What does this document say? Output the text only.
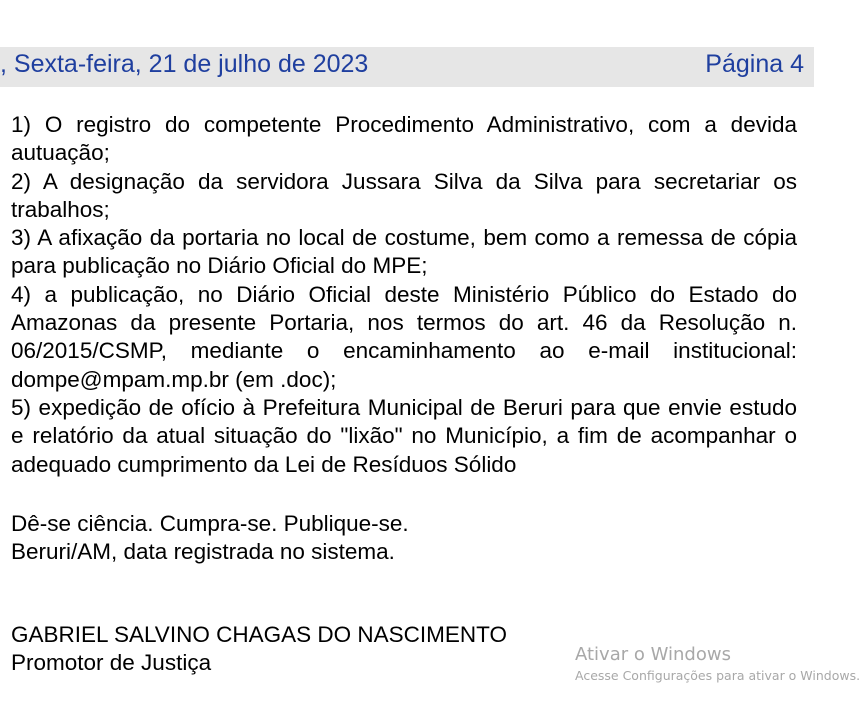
, Sexta-feira, 21 de julho de 2023	Página 4

1) O registro do competente Procedimento Administrativo, com a devida autuação;

2) A designação da servidora Jussara Silva da Silva para secretariar os trabalhos;

3) A afixação da portaria no local de costume, bem como a remessa de cópia para publicação no Diário Oficial do MPE;

4) a publicação, no Diário Oficial deste Ministério Público do Estado do Amazonas da presente Portaria, nos termos do art. 46 da Resolução n. 06/2015/CSMP, mediante o encaminhamento ao e-mail institucional: dompe@mpam.mp.br (em .doc);

5) expedição de ofício à Prefeitura Municipal de Beruri para que envie estudo e relatório da atual situação do "lixão" no Município, a fim de acompanhar o adequado cumprimento da Lei de Resíduos Sólido

Dê-se ciência. Cumpra-se. Publique-se.

Beruri/AM, data registrada no sistema.

GABRIEL SALVINO CHAGAS DO NASCIMENTO

Promotor de Justiça	Ativar o Windows
Acesse Configurações para ativar o Windows.
